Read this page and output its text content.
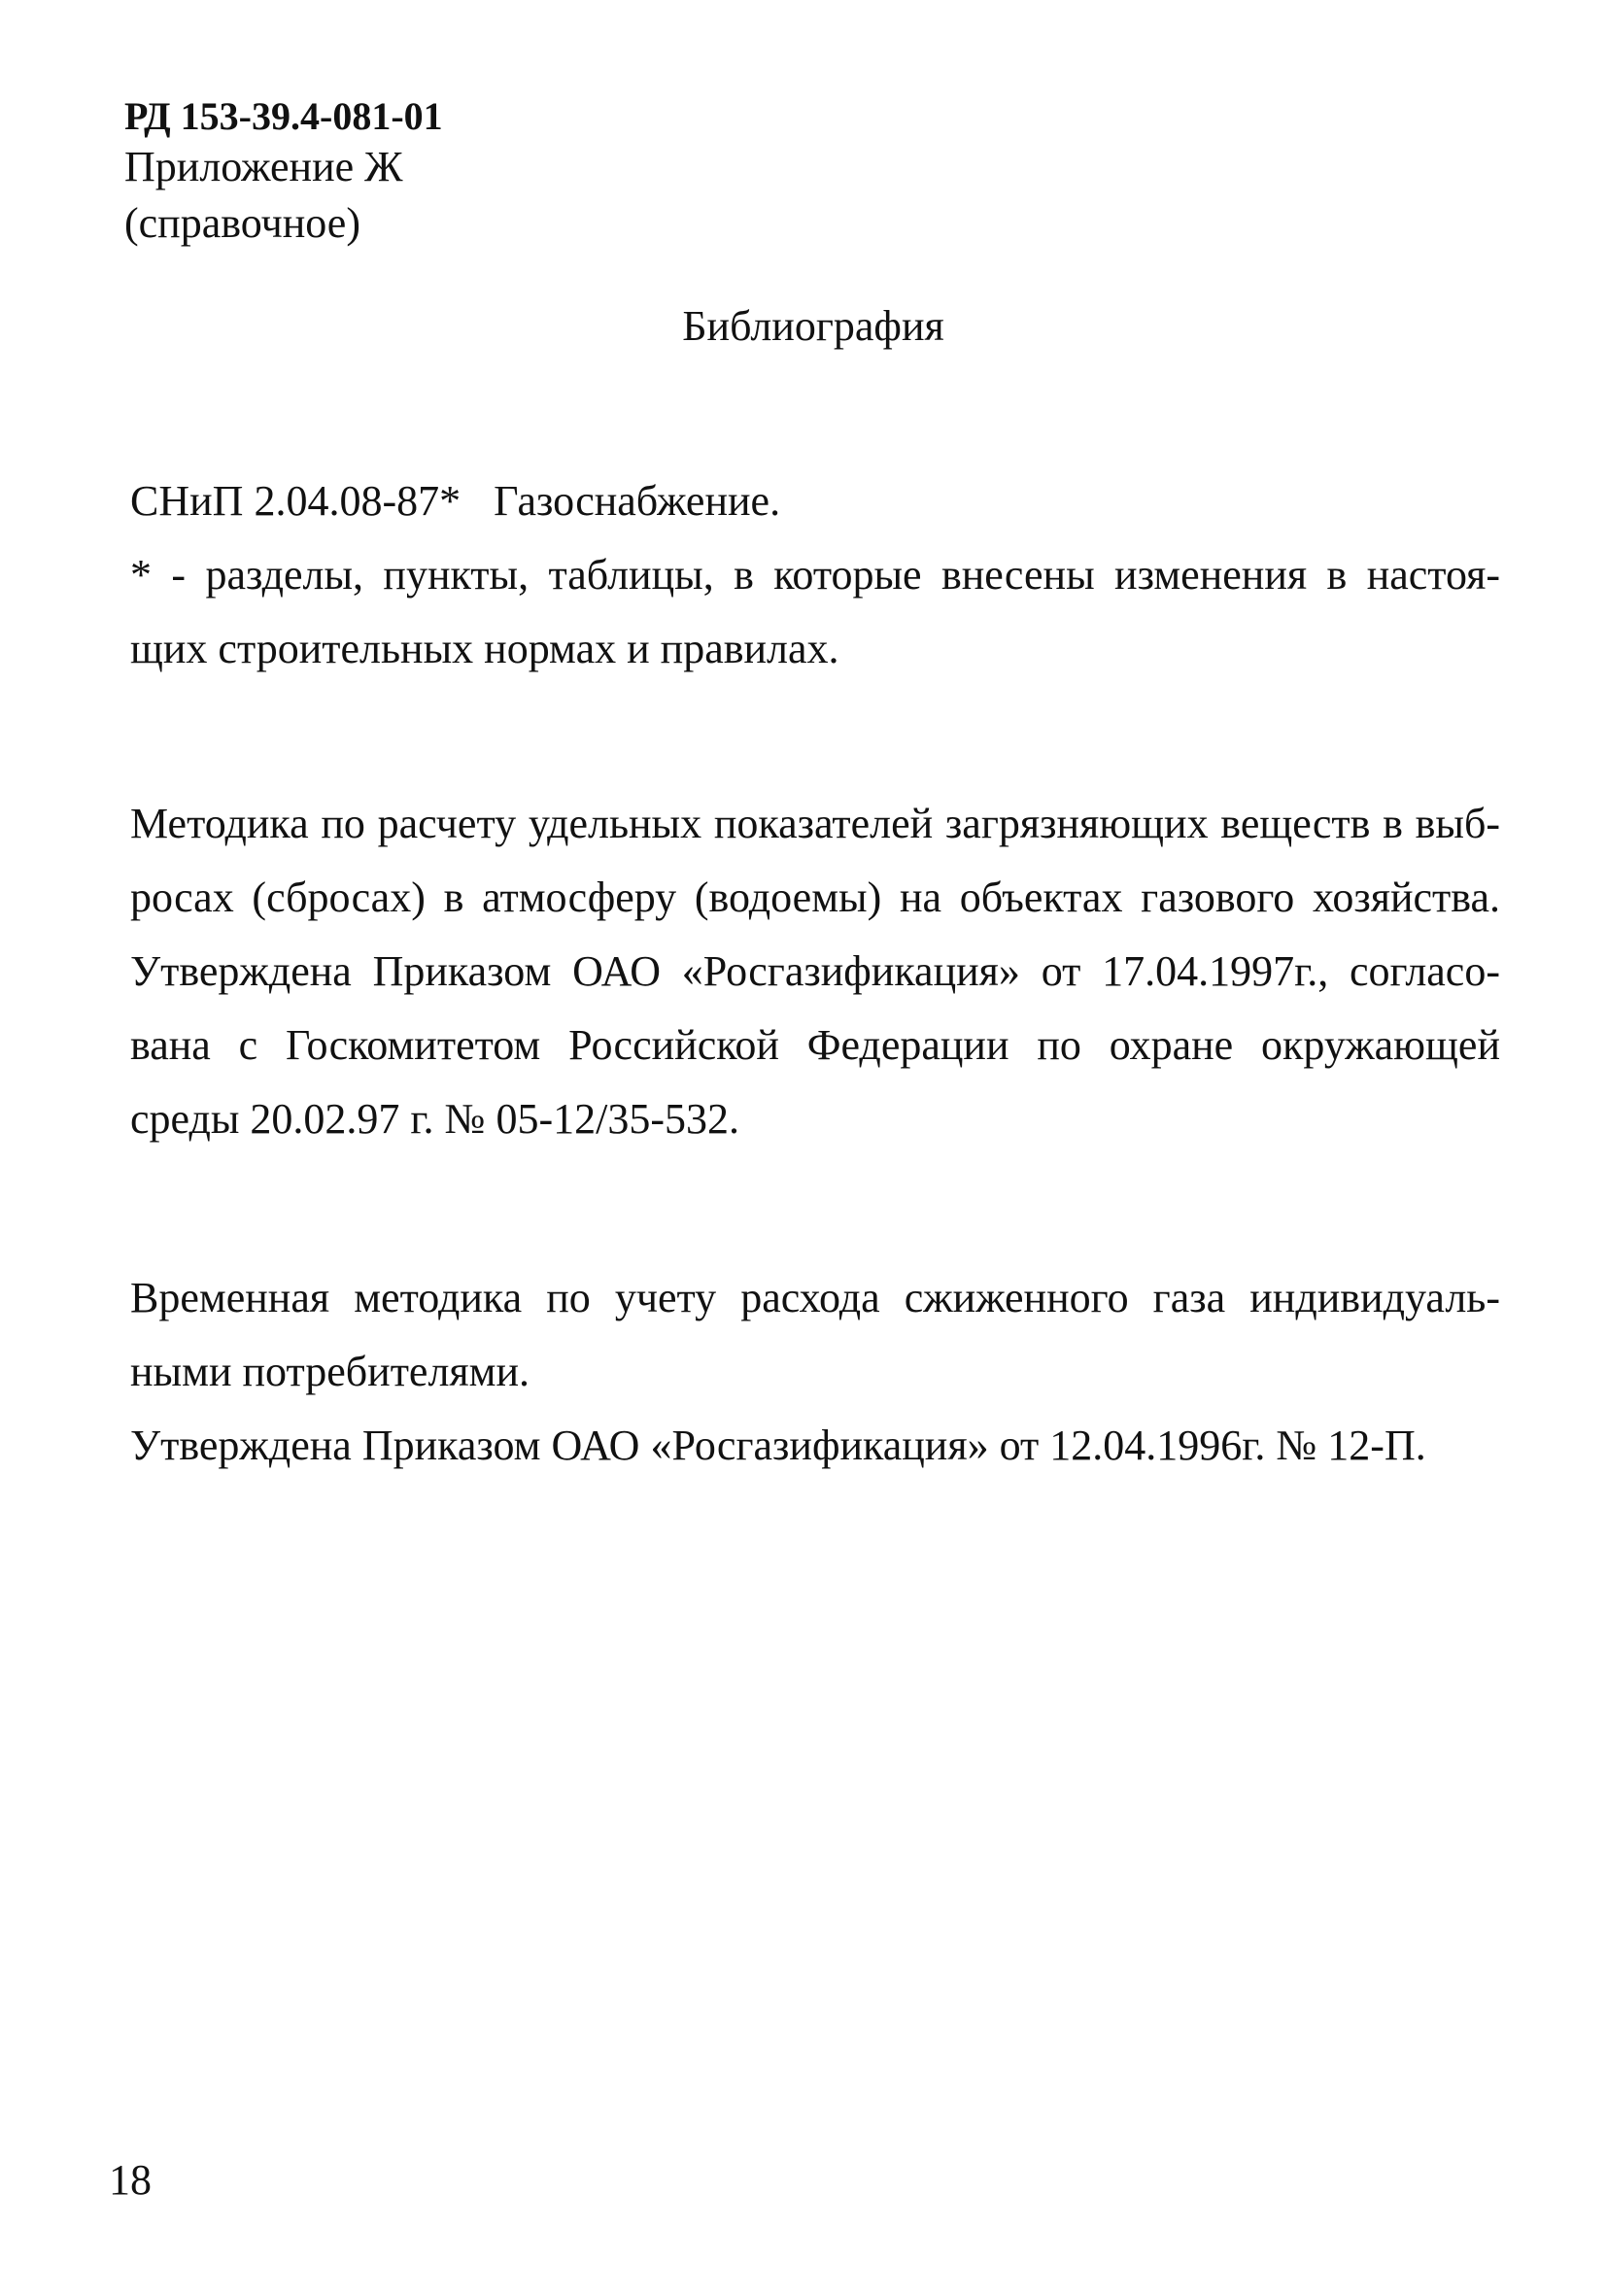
РД 153-39.4-081-01
Приложение Ж
(справочное)
Библиография
СНиП 2.04.08-87* Газоснабжение.
* - разделы, пункты, таблицы, в которые внесены изменения в настоя-
щих строительных нормах и правилах.
Методика по расчету удельных показателей загрязняющих веществ в выб-
росах (сбросах) в атмосферу (водоемы) на объектах газового хозяйства.
Утверждена Приказом ОАО «Росгазификация» от 17.04.1997г., согласо-
вана с Госкомитетом Российской Федерации по охране окружающей
среды 20.02.97 г. № 05-12/35-532.
Временная методика по учету расхода сжиженного газа индивидуаль-
ными потребителями.
Утверждена Приказом ОАО «Росгазификация» от 12.04.1996г. № 12-П.
18
